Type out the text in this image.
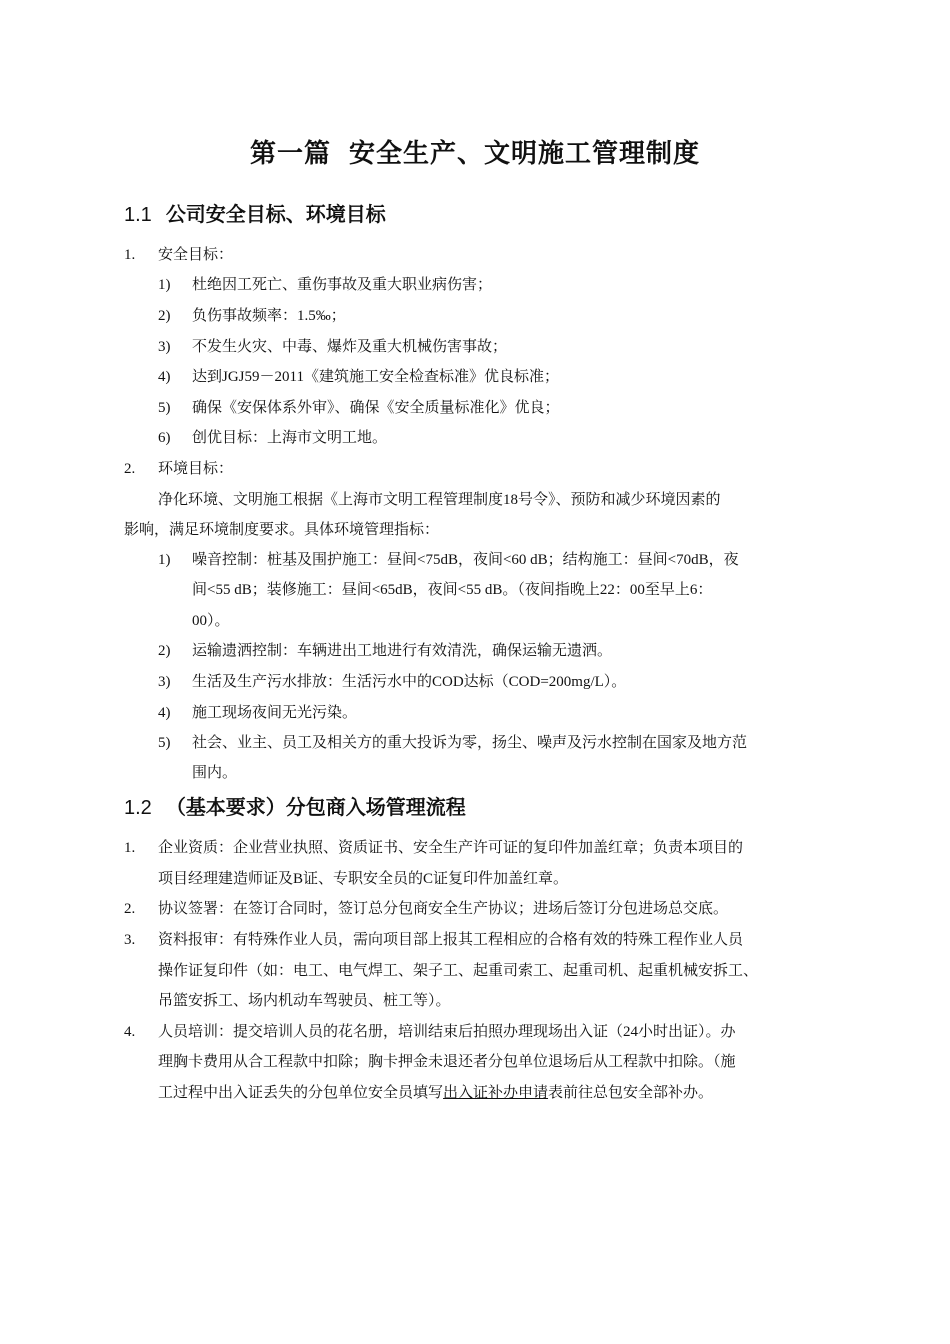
第一篇 安全生产、文明施工管理制度
1.1 公司安全目标、环境目标
1. 安全目标：
1) 杜绝因工死亡、重伤事故及重大职业病伤害；
2) 负伤事故频率：1.5‰；
3) 不发生火灾、中毒、爆炸及重大机械伤害事故；
4) 达到JGJ59－2011《建筑施工安全检查标准》优良标准；
5) 确保《安保体系外审》、确保《安全质量标准化》优良；
6) 创优目标：上海市文明工地。
2. 环境目标：
净化环境、文明施工根据《上海市文明工程管理制度18号令》、预防和减少环境因素的
影响，满足环境制度要求。具体环境管理指标：
1) 噪音控制：桩基及围护施工：昼间<75dB，夜间<60 dB；结构施工：昼间<70dB，夜
间<55 dB；装修施工：昼间<65dB，夜间<55 dB。（夜间指晚上22：00至早上6：
00）。
2) 运输遗洒控制：车辆进出工地进行有效清洗，确保运输无遗洒。
3) 生活及生产污水排放：生活污水中的COD达标（COD=200mg/L）。
4) 施工现场夜间无光污染。
5) 社会、业主、员工及相关方的重大投诉为零，扬尘、噪声及污水控制在国家及地方范
围内。
1.2 （基本要求）分包商入场管理流程
1. 企业资质：企业营业执照、资质证书、安全生产许可证的复印件加盖红章；负责本项目的
项目经理建造师证及B证、专职安全员的C证复印件加盖红章。
2. 协议签署：在签订合同时，签订总分包商安全生产协议；进场后签订分包进场总交底。
3. 资料报审：有特殊作业人员，需向项目部上报其工程相应的合格有效的特殊工程作业人员
操作证复印件（如：电工、电气焊工、架子工、起重司索工、起重司机、起重机械安拆工、
吊篮安拆工、场内机动车驾驶员、桩工等）。
4. 人员培训：提交培训人员的花名册，培训结束后拍照办理现场出入证（24小时出证）。办
理胸卡费用从合工程款中扣除；胸卡押金未退还者分包单位退场后从工程款中扣除。（施
工过程中出入证丢失的分包单位安全员填写出入证补办申请表前往总包安全部补办。
